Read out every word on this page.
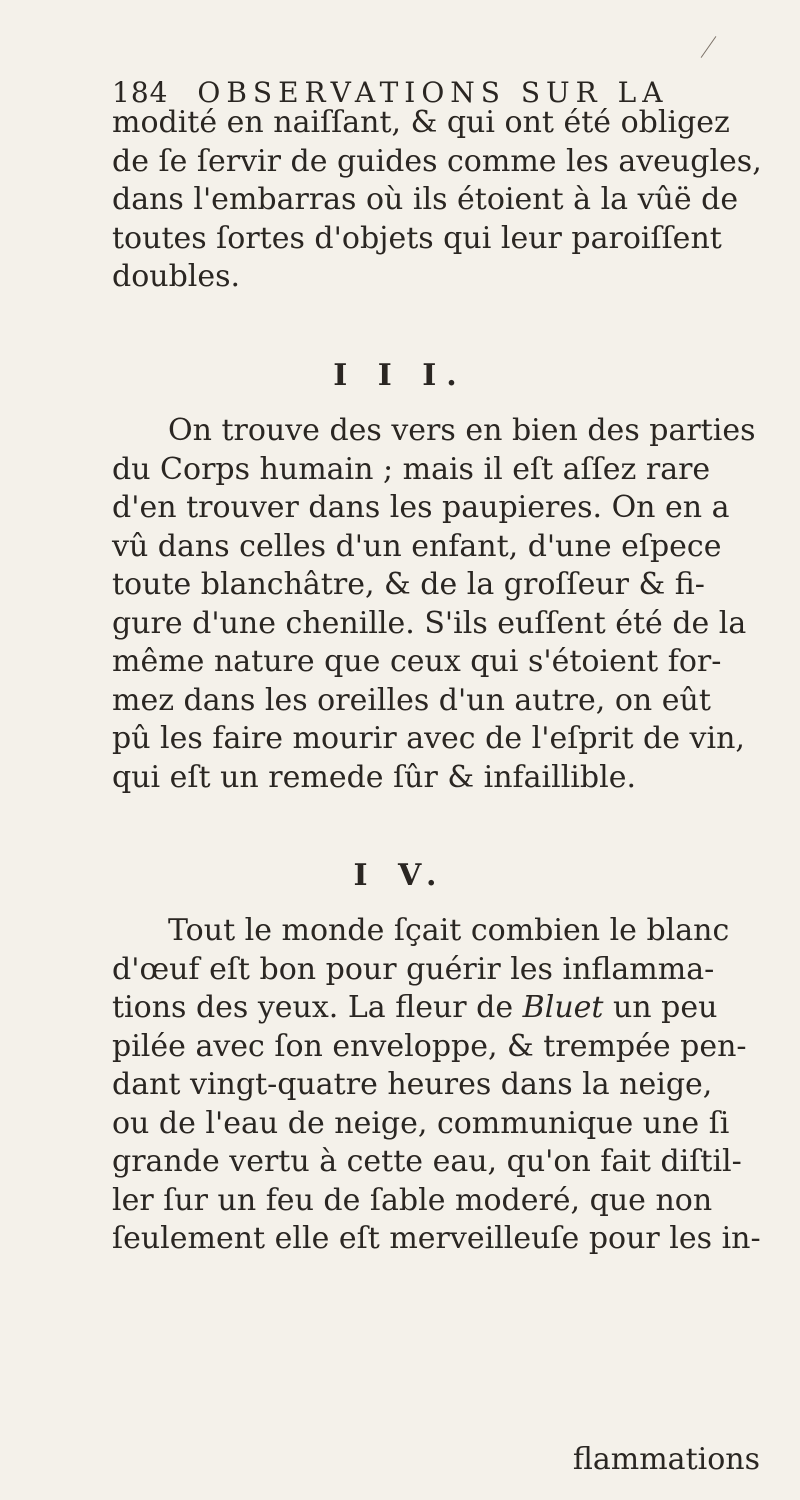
184 OBSERVATIONS SUR LA
modité en naiſſant, & qui ont été obligez
de ſe ſervir de guides comme les aveugles,
dans l'embarras où ils étoient à la vûë de
toutes ſortes d'objets qui leur paroiſſent
doubles.
I I I.
On trouve des vers en bien des parties
du Corps humain ; mais il eſt aſſez rare
d'en trouver dans les paupieres. On en a
vû dans celles d'un enfant, d'une eſpece
toute blanchâtre, & de la groſſeur & fi-
gure d'une chenille. S'ils euſſent été de la
même nature que ceux qui s'étoient for-
mez dans les oreilles d'un autre, on eût
pû les faire mourir avec de l'eſprit de vin,
qui eſt un remede ſûr & infaillible.
I V.
Tout le monde ſçait combien le blanc
d'œuf eſt bon pour guérir les inflamma-
tions des yeux. La fleur de Bluet un peu
pilée avec ſon enveloppe, & trempée pen-
dant vingt-quatre heures dans la neige,
ou de l'eau de neige, communique une ſi
grande vertu à cette eau, qu'on fait diſtil-
ler ſur un feu de ſable moderé, que non
ſeulement elle eſt merveilleuſe pour les in-
flammations
